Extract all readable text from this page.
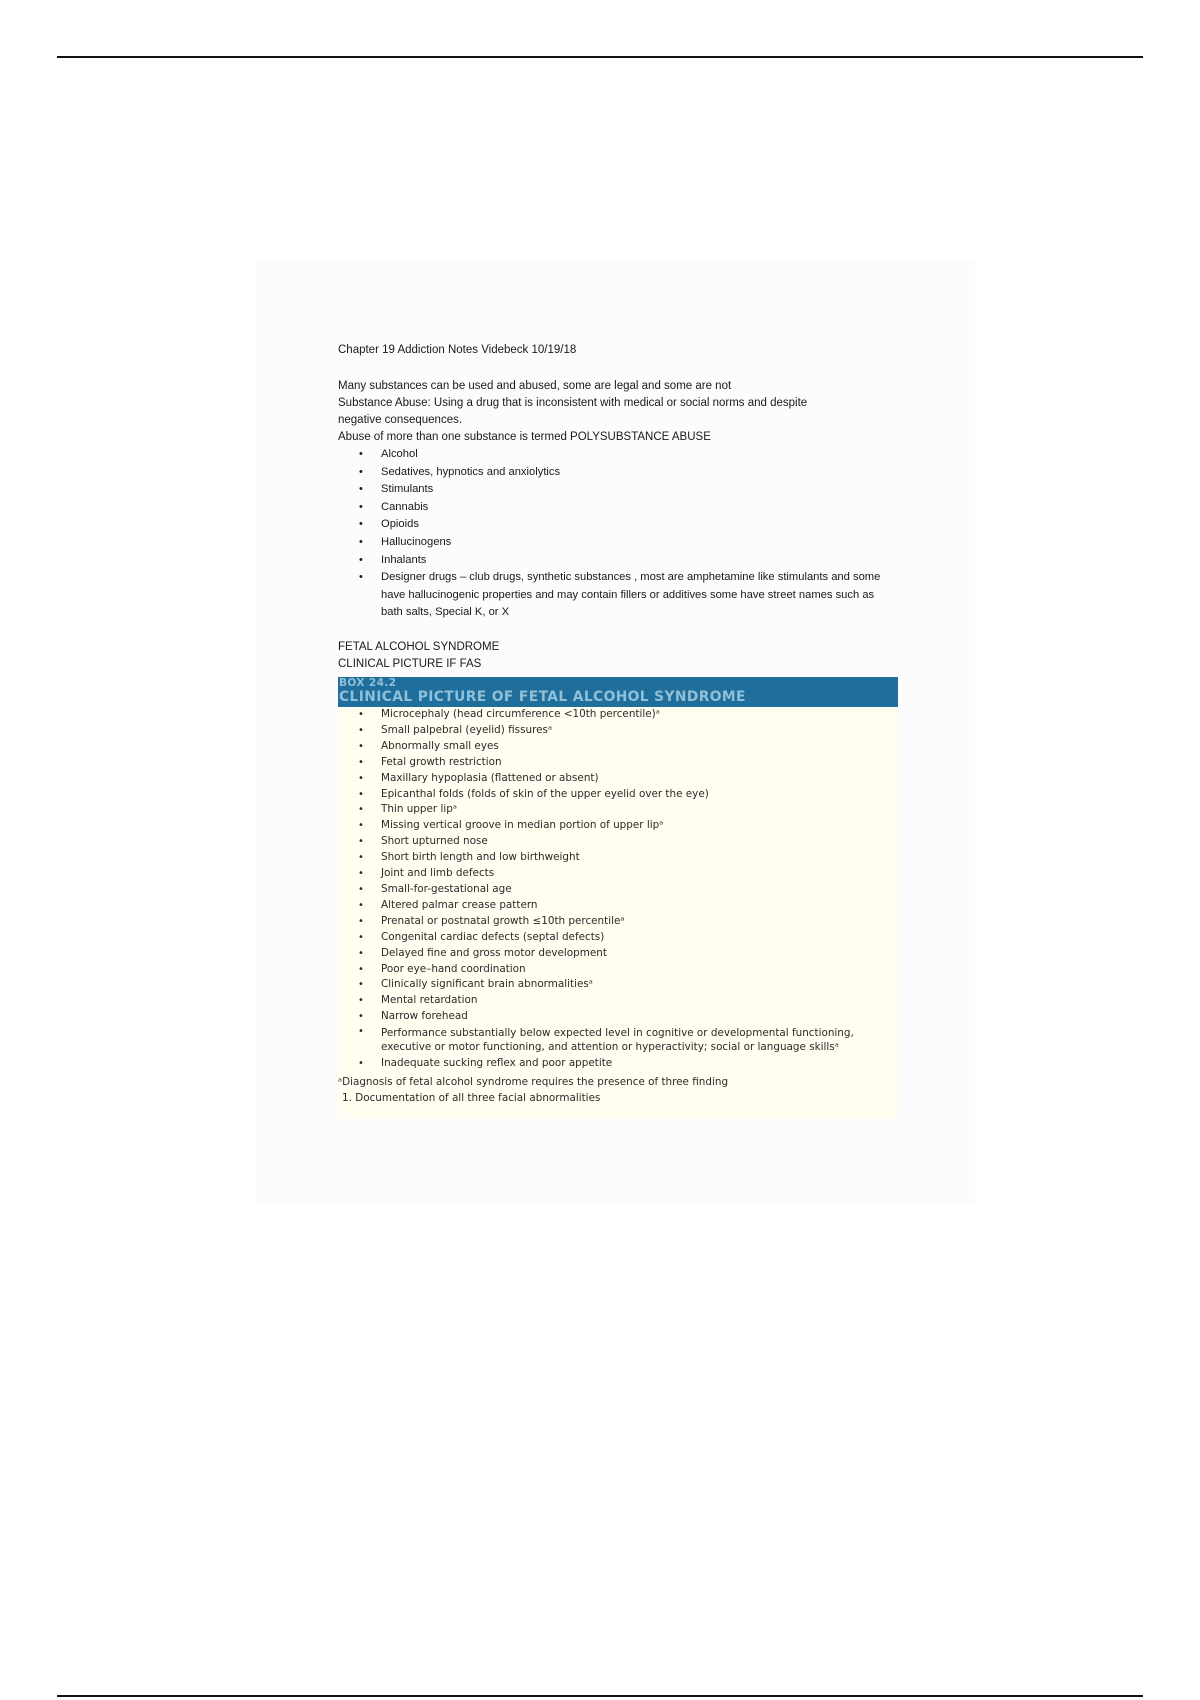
Chapter 19 Addiction Notes Videbeck 10/19/18

Many substances can be used and abused, some are legal and some are not

Substance Abuse: Using a drug that is inconsistent with medical or social norms and despite

negative consequences.

Abuse of more than one substance is termed POLYSUBSTANCE ABUSE

• Alcohol
• Sedatives, hypnotics and anxiolytics
• Stimulants
• Cannabis
• Opioids
• Hallucinogens
• Inhalants
• Designer drugs – club drugs, synthetic substances , most are amphetamine like stimulants and some have hallucinogenic properties and may contain fillers or additives some have street names such as bath salts, Special K, or X

FETAL ALCOHOL SYNDROME

CLINICAL PICTURE IF FAS

BOX 24.2
CLINICAL PICTURE OF FETAL ALCOHOL SYNDROME
• Microcephaly (head circumference <10th percentile)ᵃ
• Small palpebral (eyelid) fissuresᵃ
• Abnormally small eyes
• Fetal growth restriction
• Maxillary hypoplasia (flattened or absent)
• Epicanthal folds (folds of skin of the upper eyelid over the eye)
• Thin upper lipᵃ
• Missing vertical groove in median portion of upper lipᵃ
• Short upturned nose
• Short birth length and low birthweight
• Joint and limb defects
• Small-for-gestational age
• Altered palmar crease pattern
• Prenatal or postnatal growth ≤10th percentileᵃ
• Congenital cardiac defects (septal defects)
• Delayed fine and gross motor development
• Poor eye–hand coordination
• Clinically significant brain abnormalitiesᵃ
• Mental retardation
• Narrow forehead
• Performance substantially below expected level in cognitive or developmental functioning, executive or motor functioning, and attention or hyperactivity; social or language skillsᵃ
• Inadequate sucking reflex and poor appetite
ᵃDiagnosis of fetal alcohol syndrome requires the presence of three finding
1. Documentation of all three facial abnormalities
